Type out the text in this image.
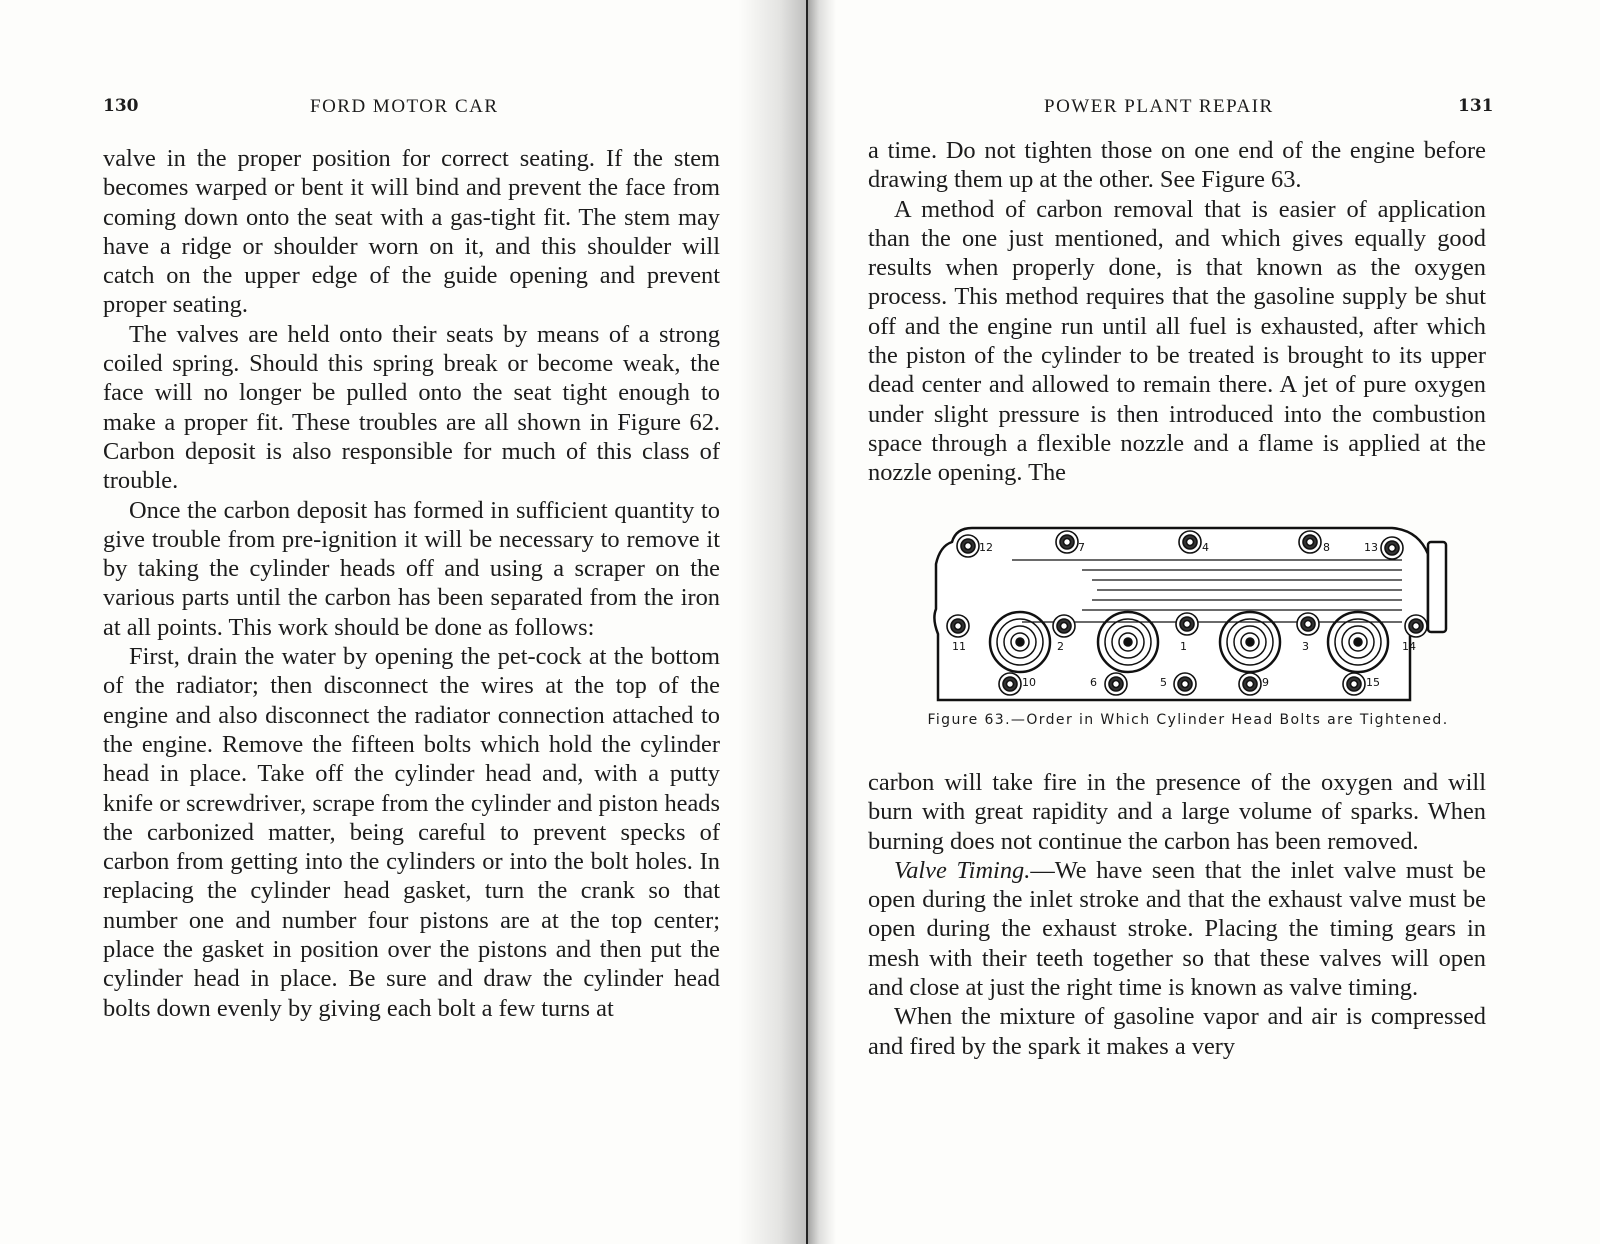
130	FORD MOTOR CAR

valve in the proper position for correct seating. If the stem becomes warped or bent it will bind and prevent the face from coming down onto the seat with a gas-tight fit. The stem may have a ridge or shoulder worn on it, and this shoulder will catch on the upper edge of the guide opening and prevent proper seating.

The valves are held onto their seats by means of a strong coiled spring. Should this spring break or become weak, the face will no longer be pulled onto the seat tight enough to make a proper fit. These troubles are all shown in Figure 62. Carbon deposit is also responsible for much of this class of trouble.

Once the carbon deposit has formed in sufficient quantity to give trouble from pre-ignition it will be necessary to remove it by taking the cylinder heads off and using a scraper on the various parts until the carbon has been separated from the iron at all points. This work should be done as follows:

First, drain the water by opening the pet-cock at the bottom of the radiator; then disconnect the wires at the top of the engine and also disconnect the radiator connection attached to the engine. Remove the fifteen bolts which hold the cylinder head in place. Take off the cylinder head and, with a putty knife or screwdriver, scrape from the cylinder and piston heads the carbonized matter, being careful to prevent specks of carbon from getting into the cylinders or into the bolt holes. In replacing the cylinder head gasket, turn the crank so that number one and number four pistons are at the top center; place the gasket in position over the pistons and then put the cylinder head in place. Be sure and draw the cylinder head bolts down evenly by giving each bolt a few turns at

POWER PLANT REPAIR	131

a time. Do not tighten those on one end of the engine before drawing them up at the other. See Figure 63.

A method of carbon removal that is easier of application than the one just mentioned, and which gives equally good results when properly done, is that known as the oxygen process. This method requires that the gasoline supply be shut off and the engine run until all fuel is exhausted, after which the piston of the cylinder to be treated is brought to its upper dead center and allowed to remain there. A jet of pure oxygen under slight pressure is then introduced into the combustion space through a flexible nozzle and a flame is applied at the nozzle opening. The

12	7	4	8	13
11	2	1	3	14
10	6	5	9	15
Figure 63.—Order in Which Cylinder Head Bolts are Tightened.

carbon will take fire in the presence of the oxygen and will burn with great rapidity and a large volume of sparks. When burning does not continue the carbon has been removed.

Valve Timing.—We have seen that the inlet valve must be open during the inlet stroke and that the exhaust valve must be open during the exhaust stroke. Placing the timing gears in mesh with their teeth together so that these valves will open and close at just the right time is known as valve timing.

When the mixture of gasoline vapor and air is compressed and fired by the spark it makes a very
